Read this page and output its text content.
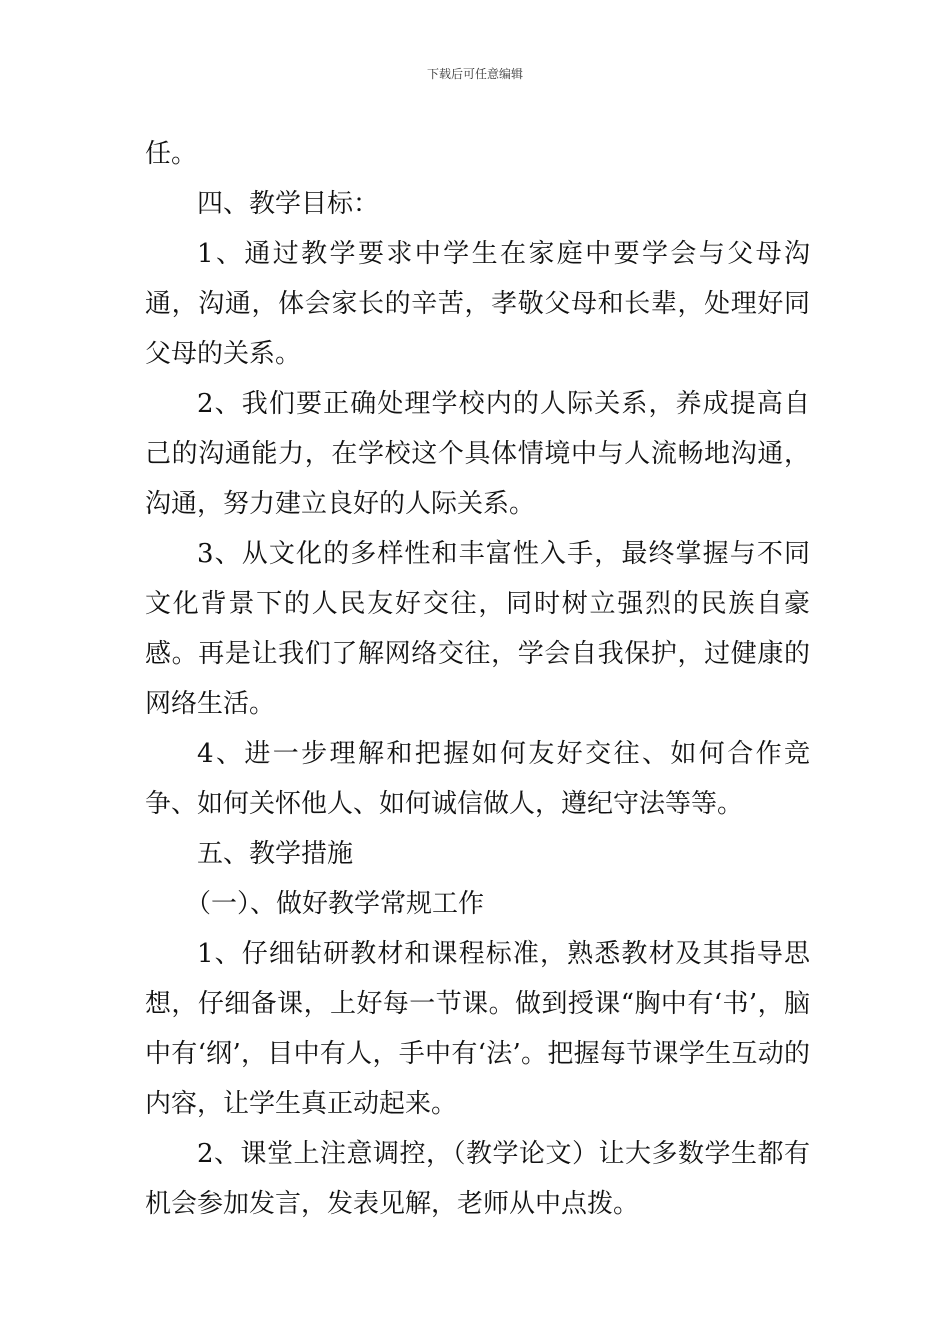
下载后可任意编辑

任。

四、教学目标：

1、通过教学要求中学生在家庭中要学会与父母沟通，沟通，体会家长的辛苦，孝敬父母和长辈，处理好同父母的关系。

2、我们要正确处理学校内的人际关系，养成提高自己的沟通能力，在学校这个具体情境中与人流畅地沟通，沟通，努力建立良好的人际关系。

3、从文化的多样性和丰富性入手，最终掌握与不同文化背景下的人民友好交往，同时树立强烈的民族自豪感。再是让我们了解网络交往，学会自我保护，过健康的网络生活。

4、进一步理解和把握如何友好交往、如何合作竞争、如何关怀他人、如何诚信做人，遵纪守法等等。

五、教学措施

（一）、做好教学常规工作

1、仔细钻研教材和课程标准，熟悉教材及其指导思想，仔细备课，上好每一节课。做到授课“胸中有‘书’，脑中有‘纲’，目中有人，手中有‘法’。把握每节课学生互动的内容，让学生真正动起来。

2、课堂上注意调控，（教学论文）让大多数学生都有机会参加发言，发表见解，老师从中点拨。
